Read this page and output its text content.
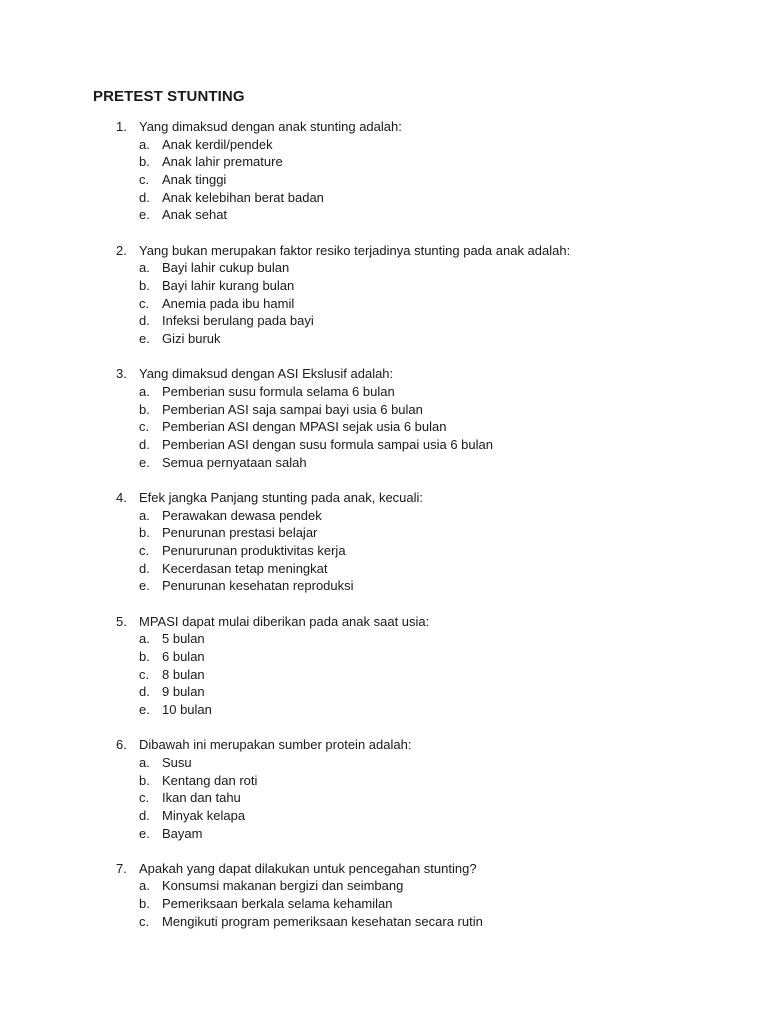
PRETEST STUNTING
1. Yang dimaksud dengan anak stunting adalah:
a. Anak kerdil/pendek
b. Anak lahir premature
c. Anak tinggi
d. Anak kelebihan berat badan
e. Anak sehat
2. Yang bukan merupakan faktor resiko terjadinya stunting pada anak adalah:
a. Bayi lahir cukup bulan
b. Bayi lahir kurang bulan
c. Anemia pada ibu hamil
d. Infeksi berulang pada bayi
e. Gizi buruk
3. Yang dimaksud dengan ASI Ekslusif adalah:
a. Pemberian susu formula selama 6 bulan
b. Pemberian ASI saja sampai bayi usia 6 bulan
c. Pemberian ASI dengan MPASI sejak usia 6 bulan
d. Pemberian ASI dengan susu formula sampai usia 6 bulan
e. Semua pernyataan salah
4. Efek jangka Panjang stunting pada anak, kecuali:
a. Perawakan dewasa pendek
b. Penurunan prestasi belajar
c. Penururunan produktivitas kerja
d. Kecerdasan tetap meningkat
e. Penurunan kesehatan reproduksi
5. MPASI dapat mulai diberikan pada anak saat usia:
a. 5 bulan
b. 6 bulan
c. 8 bulan
d. 9 bulan
e. 10 bulan
6. Dibawah ini merupakan sumber protein adalah:
a. Susu
b. Kentang dan roti
c. Ikan dan tahu
d. Minyak kelapa
e. Bayam
7. Apakah yang dapat dilakukan untuk pencegahan stunting?
a. Konsumsi makanan bergizi dan seimbang
b. Pemeriksaan berkala selama kehamilan
c. Mengikuti program pemeriksaan kesehatan secara rutin
